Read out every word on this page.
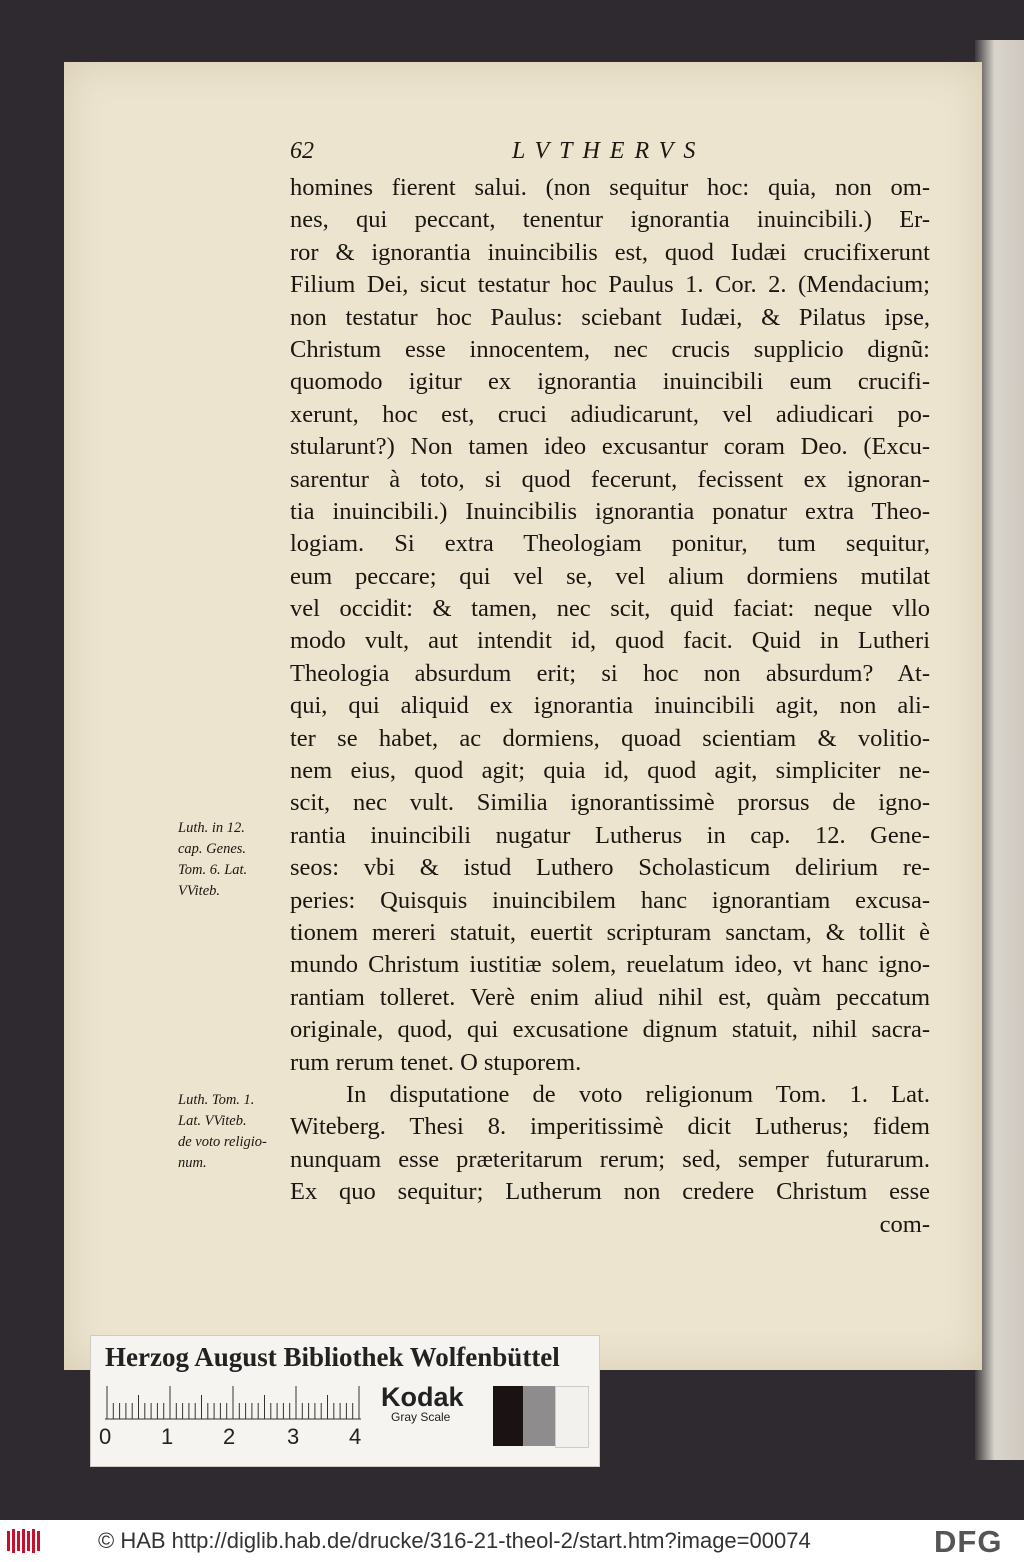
62	LVTHERVS
homines fierent salui. (non sequitur hoc: quia, non om-
nes, qui peccant, tenentur ignorantia inuincibili.) Er-
ror & ignorantia inuincibilis est, quod Iudæi crucifixerunt
Filium Dei, sicut testatur hoc Paulus 1. Cor. 2. (Mendacium;
non testatur hoc Paulus: sciebant Iudæi, & Pilatus ipse,
Christum esse innocentem, nec crucis supplicio dignũ:
quomodo igitur ex ignorantia inuincibili eum crucifi-
xerunt, hoc est, cruci adiudicarunt, vel adiudicari po-
stularunt?) Non tamen ideo excusantur coram Deo. (Excu-
sarentur à toto, si quod fecerunt, fecissent ex ignoran-
tia inuincibili.) Inuincibilis ignorantia ponatur extra Theo-
logiam. Si extra Theologiam ponitur, tum sequitur,
eum peccare; qui vel se, vel alium dormiens mutilat
vel occidit: & tamen, nec scit, quid faciat: neque vllo
modo vult, aut intendit id, quod facit. Quid in Lutheri
Theologia absurdum erit; si hoc non absurdum? At-
qui, qui aliquid ex ignorantia inuincibili agit, non ali-
ter se habet, ac dormiens, quoad scientiam & volitio-
nem eius, quod agit; quia id, quod agit, simpliciter ne-
scit, nec vult. Similia ignorantissimè prorsus de igno-
rantia inuincibili nugatur Lutherus in cap. 12. Gene-
seos: vbi & istud Luthero Scholasticum delirium re-
peries: Quisquis inuincibilem hanc ignorantiam excusa-
tionem mereri statuit, euertit scripturam sanctam, & tollit è
mundo Christum iustitiæ solem, reuelatum ideo, vt hanc igno-
rantiam tolleret. Verè enim aliud nihil est, quàm peccatum
originale, quod, qui excusatione dignum statuit, nihil sacra-
rum rerum tenet. O stuporem.
In disputatione de voto religionum Tom. 1. Lat.
Witeberg. Thesi 8. imperitissimè dicit Lutherus; fidem
nunquam esse præteritarum rerum; sed, semper futurarum.
Ex quo sequitur; Lutherum non credere Christum esse
com-
Luth. in 12.
cap. Genes.
Tom. 6. Lat.
VViteb.
Luth. Tom. 1.
Lat. VViteb.
de voto religio-
num.
Herzog August Bibliothek Wolfenbüttel
0 1 2 3 4
Kodak
Gray Scale
© HAB http://diglib.hab.de/drucke/316-21-theol-2/start.htm?image=00074	DFG
